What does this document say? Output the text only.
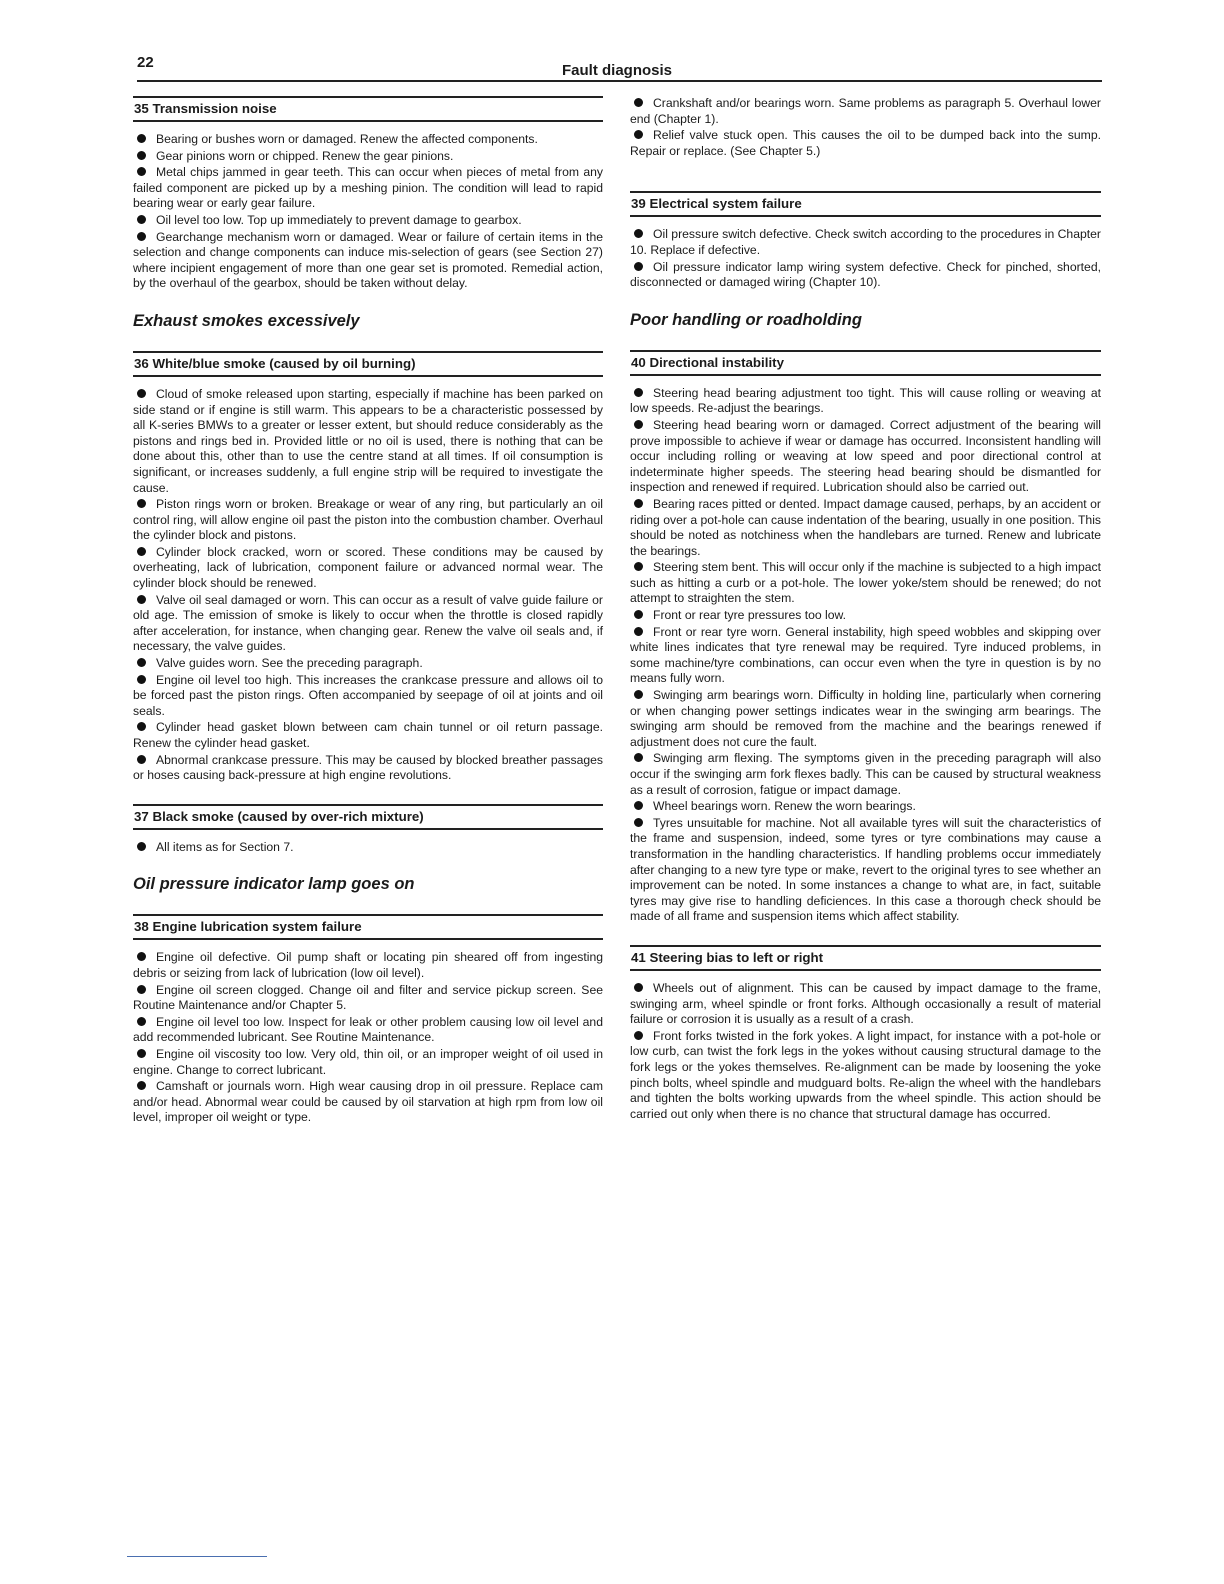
22	Fault diagnosis
35 Transmission noise
Bearing or bushes worn or damaged. Renew the affected components.
Gear pinions worn or chipped. Renew the gear pinions.
Metal chips jammed in gear teeth. This can occur when pieces of metal from any failed component are picked up by a meshing pinion. The condition will lead to rapid bearing wear or early gear failure.
Oil level too low. Top up immediately to prevent damage to gearbox.
Gearchange mechanism worn or damaged. Wear or failure of certain items in the selection and change components can induce mis-selection of gears (see Section 27) where incipient engagement of more than one gear set is promoted. Remedial action, by the overhaul of the gearbox, should be taken without delay.
Exhaust smokes excessively
36 White/blue smoke (caused by oil burning)
Cloud of smoke released upon starting, especially if machine has been parked on side stand or if engine is still warm. This appears to be a characteristic possessed by all K-series BMWs to a greater or lesser extent, but should reduce considerably as the pistons and rings bed in. Provided little or no oil is used, there is nothing that can be done about this, other than to use the centre stand at all times. If oil consumption is significant, or increases suddenly, a full engine strip will be required to investigate the cause.
Piston rings worn or broken. Breakage or wear of any ring, but particularly an oil control ring, will allow engine oil past the piston into the combustion chamber. Overhaul the cylinder block and pistons.
Cylinder block cracked, worn or scored. These conditions may be caused by overheating, lack of lubrication, component failure or advanced normal wear. The cylinder block should be renewed.
Valve oil seal damaged or worn. This can occur as a result of valve guide failure or old age. The emission of smoke is likely to occur when the throttle is closed rapidly after acceleration, for instance, when changing gear. Renew the valve oil seals and, if necessary, the valve guides.
Valve guides worn. See the preceding paragraph.
Engine oil level too high. This increases the crankcase pressure and allows oil to be forced past the piston rings. Often accompanied by seepage of oil at joints and oil seals.
Cylinder head gasket blown between cam chain tunnel or oil return passage. Renew the cylinder head gasket.
Abnormal crankcase pressure. This may be caused by blocked breather passages or hoses causing back-pressure at high engine revolutions.
37 Black smoke (caused by over-rich mixture)
All items as for Section 7.
Oil pressure indicator lamp goes on
38 Engine lubrication system failure
Engine oil defective. Oil pump shaft or locating pin sheared off from ingesting debris or seizing from lack of lubrication (low oil level).
Engine oil screen clogged. Change oil and filter and service pickup screen. See Routine Maintenance and/or Chapter 5.
Engine oil level too low. Inspect for leak or other problem causing low oil level and add recommended lubricant. See Routine Maintenance.
Engine oil viscosity too low. Very old, thin oil, or an improper weight of oil used in engine. Change to correct lubricant.
Camshaft or journals worn. High wear causing drop in oil pressure. Replace cam and/or head. Abnormal wear could be caused by oil starvation at high rpm from low oil level, improper oil weight or type.
Crankshaft and/or bearings worn. Same problems as paragraph 5. Overhaul lower end (Chapter 1).
Relief valve stuck open. This causes the oil to be dumped back into the sump. Repair or replace. (See Chapter 5.)
39 Electrical system failure
Oil pressure switch defective. Check switch according to the procedures in Chapter 10. Replace if defective.
Oil pressure indicator lamp wiring system defective. Check for pinched, shorted, disconnected or damaged wiring (Chapter 10).
Poor handling or roadholding
40 Directional instability
Steering head bearing adjustment too tight. This will cause rolling or weaving at low speeds. Re-adjust the bearings.
Steering head bearing worn or damaged. Correct adjustment of the bearing will prove impossible to achieve if wear or damage has occurred. Inconsistent handling will occur including rolling or weaving at low speed and poor directional control at indeterminate higher speeds. The steering head bearing should be dismantled for inspection and renewed if required. Lubrication should also be carried out.
Bearing races pitted or dented. Impact damage caused, perhaps, by an accident or riding over a pot-hole can cause indentation of the bearing, usually in one position. This should be noted as notchiness when the handlebars are turned. Renew and lubricate the bearings.
Steering stem bent. This will occur only if the machine is subjected to a high impact such as hitting a curb or a pot-hole. The lower yoke/stem should be renewed; do not attempt to straighten the stem.
Front or rear tyre pressures too low.
Front or rear tyre worn. General instability, high speed wobbles and skipping over white lines indicates that tyre renewal may be required. Tyre induced problems, in some machine/tyre combinations, can occur even when the tyre in question is by no means fully worn.
Swinging arm bearings worn. Difficulty in holding line, particularly when cornering or when changing power settings indicates wear in the swinging arm bearings. The swinging arm should be removed from the machine and the bearings renewed if adjustment does not cure the fault.
Swinging arm flexing. The symptoms given in the preceding paragraph will also occur if the swinging arm fork flexes badly. This can be caused by structural weakness as a result of corrosion, fatigue or impact damage.
Wheel bearings worn. Renew the worn bearings.
Tyres unsuitable for machine. Not all available tyres will suit the characteristics of the frame and suspension, indeed, some tyres or tyre combinations may cause a transformation in the handling characteristics. If handling problems occur immediately after changing to a new tyre type or make, revert to the original tyres to see whether an improvement can be noted. In some instances a change to what are, in fact, suitable tyres may give rise to handling deficiences. In this case a thorough check should be made of all frame and suspension items which affect stability.
41 Steering bias to left or right
Wheels out of alignment. This can be caused by impact damage to the frame, swinging arm, wheel spindle or front forks. Although occasionally a result of material failure or corrosion it is usually as a result of a crash.
Front forks twisted in the fork yokes. A light impact, for instance with a pot-hole or low curb, can twist the fork legs in the yokes without causing structural damage to the fork legs or the yokes themselves. Re-alignment can be made by loosening the yoke pinch bolts, wheel spindle and mudguard bolts. Re-align the wheel with the handlebars and tighten the bolts working upwards from the wheel spindle. This action should be carried out only when there is no chance that structural damage has occurred.
